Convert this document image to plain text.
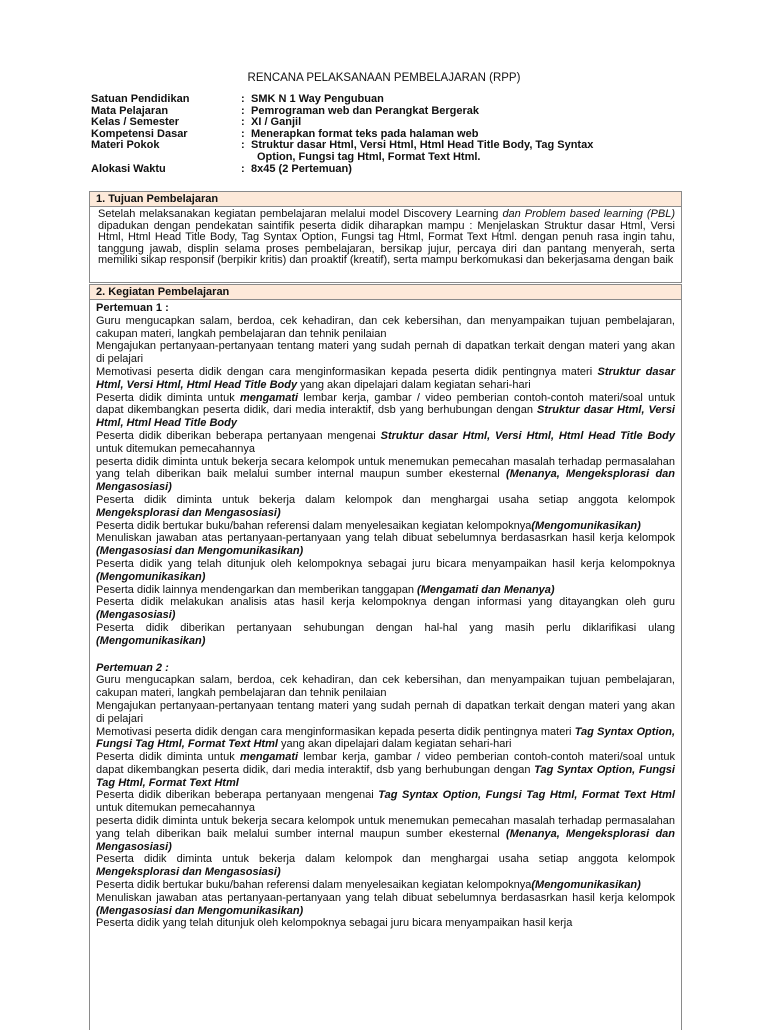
RENCANA PELAKSANAAN PEMBELAJARAN (RPP)
Satuan Pendidikan	: SMK N 1 Way Pengubuan
Mata Pelajaran	: Pemrograman web dan Perangkat Bergerak
Kelas / Semester	: XI / Ganjil
Kompetensi Dasar	: Menerapkan format teks pada halaman web
Materi Pokok	: Struktur dasar Html, Versi Html, Html Head Title Body, Tag Syntax
Option, Fungsi tag Html, Format Text Html.
Alokasi Waktu	: 8x45 (2 Pertemuan)
1. Tujuan Pembelajaran

Setelah melaksanakan kegiatan pembelajaran melalui model Discovery Learning dan Problem based learning (PBL) dipadukan dengan pendekatan saintifik peserta didik diharapkan mampu : Menjelaskan Struktur dasar Html, Versi Html, Html Head Title Body, Tag Syntax Option, Fungsi tag Html, Format Text Html. dengan penuh rasa ingin tahu, tanggung jawab, displin selama proses pembelajaran, bersikap jujur, percaya diri dan pantang menyerah, serta memiliki sikap responsif (berpikir kritis) dan proaktif (kreatif), serta mampu berkomukasi dan bekerjasama dengan baik

2. Kegiatan Pembelajaran
Pertemuan 1 :

Guru mengucapkan salam, berdoa, cek kehadiran, dan cek kebersihan, dan menyampaikan tujuan pembelajaran, cakupan materi, langkah pembelajaran dan tehnik penilaian

Mengajukan pertanyaan-pertanyaan tentang materi yang sudah pernah di dapatkan terkait dengan materi yang akan di pelajari

Memotivasi peserta didik dengan cara menginformasikan kepada peserta didik pentingnya materi Struktur dasar Html, Versi Html, Html Head Title Body yang akan dipelajari dalam kegiatan sehari-hari

Peserta didik diminta untuk mengamati lembar kerja, gambar / video pemberian contoh-contoh materi/soal untuk dapat dikembangkan peserta didik, dari media interaktif, dsb yang berhubungan dengan Struktur dasar Html, Versi Html, Html Head Title Body

Peserta didik diberikan beberapa pertanyaan mengenai Struktur dasar Html, Versi Html, Html Head Title Body untuk ditemukan pemecahannya

peserta didik diminta untuk bekerja secara kelompok untuk menemukan pemecahan masalah terhadap permasalahan yang telah diberikan baik melalui sumber internal maupun sumber ekesternal (Menanya, Mengeksplorasi dan Mengasosiasi)

Peserta didik diminta untuk bekerja dalam kelompok dan menghargai usaha setiap anggota kelompok Mengeksplorasi dan Mengasosiasi)

Peserta didik bertukar buku/bahan referensi dalam menyelesaikan kegiatan kelompoknya(Mengomunikasikan)

Menuliskan jawaban atas pertanyaan-pertanyaan yang telah dibuat sebelumnya berdasasrkan hasil kerja kelompok (Mengasosiasi dan Mengomunikasikan)

Peserta didik yang telah ditunjuk oleh kelompoknya sebagai juru bicara menyampaikan hasil kerja kelompoknya (Mengomunikasikan)

Peserta didik lainnya mendengarkan dan memberikan tanggapan (Mengamati dan Menanya)

Peserta didik melakukan analisis atas hasil kerja kelompoknya dengan informasi yang ditayangkan oleh guru (Mengasosiasi)

Peserta didik diberikan pertanyaan sehubungan dengan hal-hal yang masih perlu diklarifikasi ulang (Mengomunikasikan)

Pertemuan 2 :

Guru mengucapkan salam, berdoa, cek kehadiran, dan cek kebersihan, dan menyampaikan tujuan pembelajaran, cakupan materi, langkah pembelajaran dan tehnik penilaian

Mengajukan pertanyaan-pertanyaan tentang materi yang sudah pernah di dapatkan terkait dengan materi yang akan di pelajari

Memotivasi peserta didik dengan cara menginformasikan kepada peserta didik pentingnya materi Tag Syntax Option, Fungsi Tag Html, Format Text Html yang akan dipelajari dalam kegiatan sehari-hari

Peserta didik diminta untuk mengamati lembar kerja, gambar / video pemberian contoh-contoh materi/soal untuk dapat dikembangkan peserta didik, dari media interaktif, dsb yang berhubungan dengan Tag Syntax Option, Fungsi Tag Html, Format Text Html

Peserta didik diberikan beberapa pertanyaan mengenai Tag Syntax Option, Fungsi Tag Html, Format Text Html untuk ditemukan pemecahannya

peserta didik diminta untuk bekerja secara kelompok untuk menemukan pemecahan masalah terhadap permasalahan yang telah diberikan baik melalui sumber internal maupun sumber ekesternal (Menanya, Mengeksplorasi dan Mengasosiasi)

Peserta didik diminta untuk bekerja dalam kelompok dan menghargai usaha setiap anggota kelompok Mengeksplorasi dan Mengasosiasi)

Peserta didik bertukar buku/bahan referensi dalam menyelesaikan kegiatan kelompoknya(Mengomunikasikan)

Menuliskan jawaban atas pertanyaan-pertanyaan yang telah dibuat sebelumnya berdasasrkan hasil kerja kelompok (Mengasosiasi dan Mengomunikasikan)

Peserta didik yang telah ditunjuk oleh kelompoknya sebagai juru bicara menyampaikan hasil kerja
